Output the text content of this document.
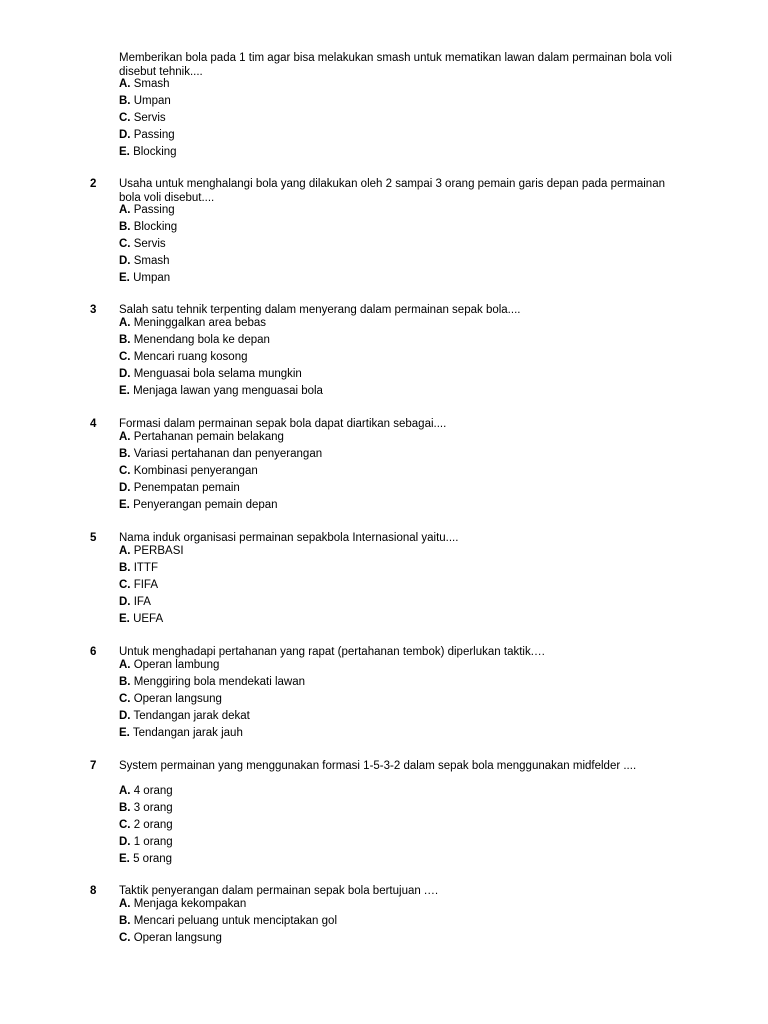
Memberikan bola pada 1 tim agar bisa melakukan smash untuk mematikan lawan dalam permainan bola voli disebut tehnik....

A. Smash
B. Umpan
C. Servis
D. Passing
E. Blocking
2	Usaha untuk menghalangi bola yang dilakukan oleh 2 sampai 3 orang pemain garis depan pada permainan bola voli disebut....

A. Passing
B. Blocking
C. Servis
D. Smash
E. Umpan
3	Salah satu tehnik terpenting dalam menyerang dalam permainan sepak bola....

A. Meninggalkan area bebas
B. Menendang bola ke depan
C. Mencari ruang kosong
D. Menguasai bola selama mungkin
E. Menjaga lawan yang menguasai bola
4	Formasi dalam permainan sepak bola dapat diartikan sebagai....

A. Pertahanan pemain belakang
B. Variasi pertahanan dan penyerangan
C. Kombinasi penyerangan
D. Penempatan pemain
E. Penyerangan pemain depan
5	Nama induk organisasi permainan sepakbola Internasional yaitu....

A. PERBASI
B. ITTF
C. FIFA
D. IFA
E. UEFA
6	Untuk menghadapi pertahanan yang rapat (pertahanan tembok) diperlukan taktik.…

A. Operan lambung
B. Menggiring bola mendekati lawan
C. Operan langsung
D. Tendangan jarak dekat
E. Tendangan jarak jauh
7	System permainan yang menggunakan formasi 1-5-3-2 dalam sepak bola menggunakan midfelder ....

A. 4 orang
B. 3 orang
C. 2 orang
D. 1 orang
E. 5 orang
8	Taktik penyerangan dalam permainan sepak bola bertujuan .…

A. Menjaga kekompakan
B. Mencari peluang untuk menciptakan gol
C. Operan langsung
